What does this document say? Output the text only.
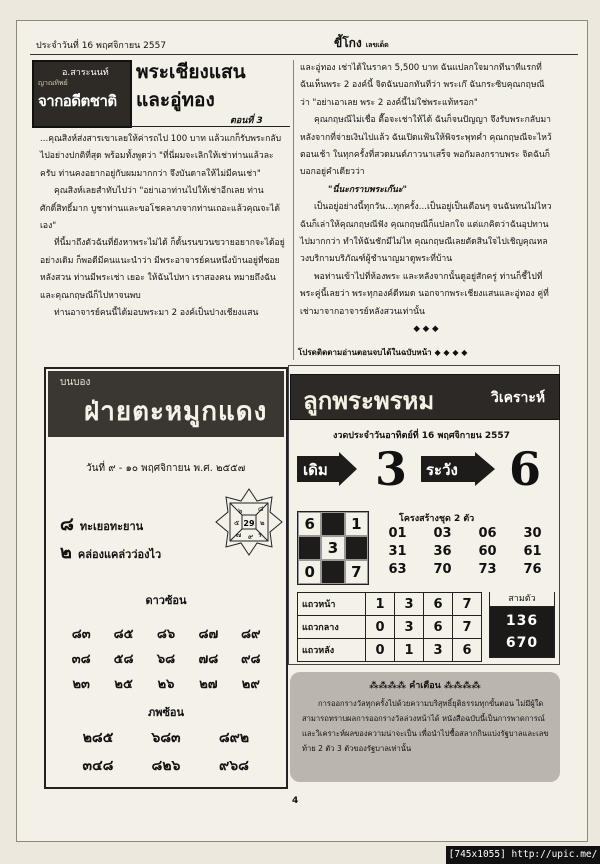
ประจำวันที่ 16 พฤศจิกายน 2557	ขี้โกง เลขเด็ด
อ.สาระนนท์
ญาณทิพย์
จากอดีตชาติ
พระเชียงแสน
และอู่ทอง
ตอนที่ 3

...คุณสิงห์ส่งสารเขาเลยให้ค่ารถไป 100 บาท แล้วแกก็รับพระกลับไปอย่างปกติที่สุด พร้อมทั้งพูดว่า "ที่นี่ผมจะเลิกให้เช่าท่านแล้วละครับ ท่านคงอยากอยู่กับผมมากกว่า จึงบันดาลให้ไม่มีคนเช่า"

คุณสิงห์เลยสำทับไปว่า "อย่าเอาท่านไปให้เช่าอีกเลย ท่านศักดิ์สิทธิ์มาก บูชาท่านและขอโชคลาภจากท่านเถอะแล้วคุณจะได้เอง"

ที่นี้มาถึงตัวฉันที่ยังหาพระไม่ได้ ก็ดั้นรนขวนขวายอยากจะได้อยู่อย่างเดิม ก็พอดีมีคนแนะนำว่า มีพระอาจารย์คนหนึ่งบ้านอยู่ที่ซอยหลังสวน ท่านมีพระเช่า เยอะ ให้ฉันไปหา เราสองคน หมายถึงฉันและคุณกฤษณีก็ไปหาจนพบ

ท่านอาจารย์คนนี้ได้มอบพระมา 2 องค์เป็นปางเชียงแสน

และอู่ทอง เช่าได้ในราคา 5,500 บาท ฉันแปลกใจมากทีนาทีแรกที่ฉันเห็นพระ 2 องค์นี้ จิตฉันบอกทันทีว่า พระเก๊ ฉันกระซิบคุณกฤษณีว่า "อย่าเอาเลย พระ 2 องค์นี้ไม่ใช่พระแท้หรอก"

คุณกฤษณีไม่เชื่อ ตื๊อจะเช่าให้ได้ ฉันก็จนปัญญา จึงรับพระกลับมา หลังจากที่จ่ายเงินไปแล้ว ฉันเปิดแฟ้นให้พิจระพุทค่ำ คุณกฤษณีจะไหว้ตอนเช้า ในทุกครั้งที่สวดมนต์ภาวนาเสร็จ พอกัมลงกราบพระ จิตฉันก็บอกอยู่คำเดียวว่า

"นี่นะกราบพระเก๊นะ"

เป็นอยู่อย่างนี้ทุกวัน...ทุกครั้ง...เป็นอยู่เป็นเดือนๆ จนฉันทนไม่ไหว ฉันก็เล่าให้คุณกฤษณีฟัง คุณกฤษณีก็แปลกใจ แต่แกคิดว่าฉันอุปทานไปมากกว่า ทำให้ฉันชักมีไม่ไห คุณกฤษณีเลยตัดสินใจไปเชิญคุณหลวงบริกามบริภัณฑ์ผู้ชำนาญมาดูพระที่บ้าน

พอท่านเข้าไปที่ห้องพระ และหลังจากนั้นดูอยู่สักครู่ ท่านก็ชี้ไปที่พระคู่นี้เลยว่า พระทุกองค์ดีหมด นอกจากพระเชียงแสนและอู่ทอง คู่ที่เช่ามาจากอาจารย์หลังสวนเท่านั้น

◆ ◆ ◆

โปรดติดตามอ่านตอนจบได้ในฉบับหน้า ◆ ◆ ◆ ◆
บนบอง
ฝ่ายตะหมูกแดง
วันที่ ๙ - ๑๐ พฤศจิกายน พ.ศ. ๒๕๕๗
๘ ทะเยอทะยาน
๒ คล่องแคล่วว่องไว
29
๖ ๘
๕	๒
๗ ๙ ร
ดาวซ้อน
๘๓	๘๕	๘๖	๘๗	๘๙
๓๘	๕๘	๖๘	๗๘	๙๘
๒๓	๒๕	๒๖	๒๗	๒๙
ภพซ้อน
๒๘๕	๖๘๓	๘๙๒
๓๔๘	๘๒๖	๙๖๘
ลูกพระพรหม	วิเคราะห์
งวดประจำวันอาทิตย์ที่ 16 พฤศจิกายน 2557
เดิม 3 ระวัง 6
6	1
3
0	7
โครงสร้างชุด 2 ตัว
01	03	06	30
31	36	60	61
63	70	73	76
แถวหน้า	1	3	6	7
แถวกลาง	0	3	6	7
แถวหลัง	0	1	3	6
สามตัว
136
670
⁂⁂⁂⁂ คำเตือน ⁂⁂⁂⁂
การออกรางวัลทุกครั้งไปด้วยความบริสุทธิ์ยุติธรรมทุกขั้นตอน ไม่มีผู้ใดสามารถทราบผลการออกรางวัลล่วงหน้าได้ หนังสือฉบับนี้เป็นการพาดการณ์ และวิเคราะห์ผลของความน่าจะเป็น เพื่อนำไปซื้อสลากกินแบ่งรัฐบาลและเลขท้าย 2 ตัว 3 ตัวของรัฐบาลเท่านั้น
4
[745x1055] http://upic.me/
